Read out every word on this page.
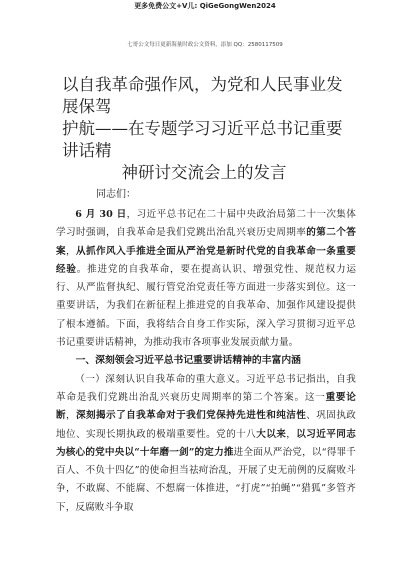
更多免费公文+V儿: QiGeGongWen2024
七哥公文每日更新海量时政公文资料，添加 QQ：2580117509
以自我革命强作风，为党和人民事业发展保驾
护航——在专题学习习近平总书记重要讲话精
神研讨交流会上的发言

同志们：

6 月 30 日，习近平总书记在二十届中央政治局第二十一次集体学习时强调，自我革命是我们党跳出治乱兴衰历史周期率的第二个答案，从抓作风入手推进全面从严治党是新时代党的自我革命一条重要经验。推进党的自我革命，要在提高认识、增强党性、规范权力运行、从严监督执纪、履行管党治党责任等方面进一步落实到位。这一重要讲话，为我们在新征程上推进党的自我革命、加强作风建设提供了根本遵循。下面，我将结合自身工作实际，深入学习贯彻习近平总书记重要讲话精神，为推动我市各项事业发展贡献力量。

一、深刻领会习近平总书记重要讲话精神的丰富内涵

（一）深刻认识自我革命的重大意义。习近平总书记指出，自我革命是我们党跳出治乱兴衰历史周期率的第二个答案。这一重要论断，深刻揭示了自我革命对于我们党保持先进性和纯洁性、巩固执政地位、实现长期执政的极端重要性。党的十八大以来，以习近平同志为核心的党中央以“十年磨一剑”的定力推进全面从严治党，以“得罪千百人、不负十四亿”的使命担当祛疴治乱，开展了史无前例的反腐败斗争，不敢腐、不能腐、不想腐一体推进，“打虎”“拍蝇”“猎狐”多管齐下，反腐败斗争取
